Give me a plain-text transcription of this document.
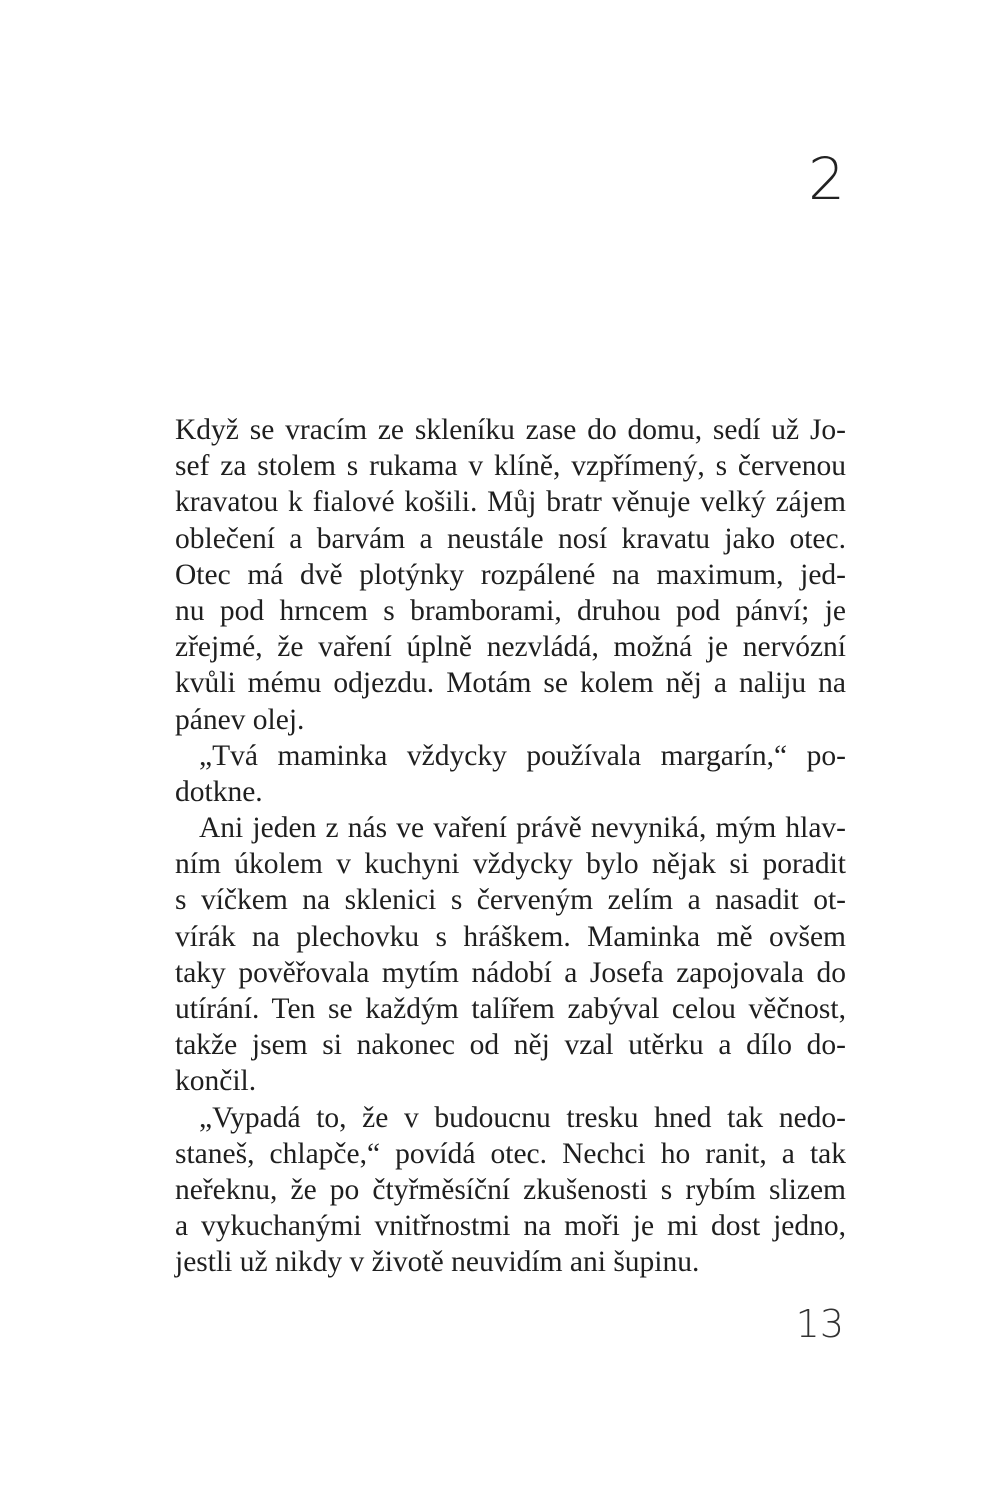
2
Když se vracím ze skleníku zase do domu, sedí už Jo-
sef za stolem s rukama v klíně, vzpřímený, s červenou
kravatou k fialové košili. Můj bratr věnuje velký zájem
oblečení a barvám a neustále nosí kravatu jako otec.
Otec má dvě plotýnky rozpálené na maximum, jed-
nu pod hrncem s bramborami, druhou pod pánví; je
zřejmé, že vaření úplně nezvládá, možná je nervózní
kvůli mému odjezdu. Motám se kolem něj a naliju na
pánev olej.
„Tvá maminka vždycky používala margarín,“ po-
dotkne.
Ani jeden z nás ve vaření právě nevyniká, mým hlav-
ním úkolem v kuchyni vždycky bylo nějak si poradit
s víčkem na sklenici s červeným zelím a nasadit ot-
vírák na plechovku s hráškem. Maminka mě ovšem
taky pověřovala mytím nádobí a Josefa zapojovala do
utírání. Ten se každým talířem zabýval celou věčnost,
takže jsem si nakonec od něj vzal utěrku a dílo do-
končil.
„Vypadá to, že v budoucnu tresku hned tak nedo-
staneš, chlapče,“ povídá otec. Nechci ho ranit, a tak
neřeknu, že po čtyřměsíční zkušenosti s rybím slizem
a vykuchanými vnitřnostmi na moři je mi dost jedno,
jestli už nikdy v životě neuvidím ani šupinu.
13
